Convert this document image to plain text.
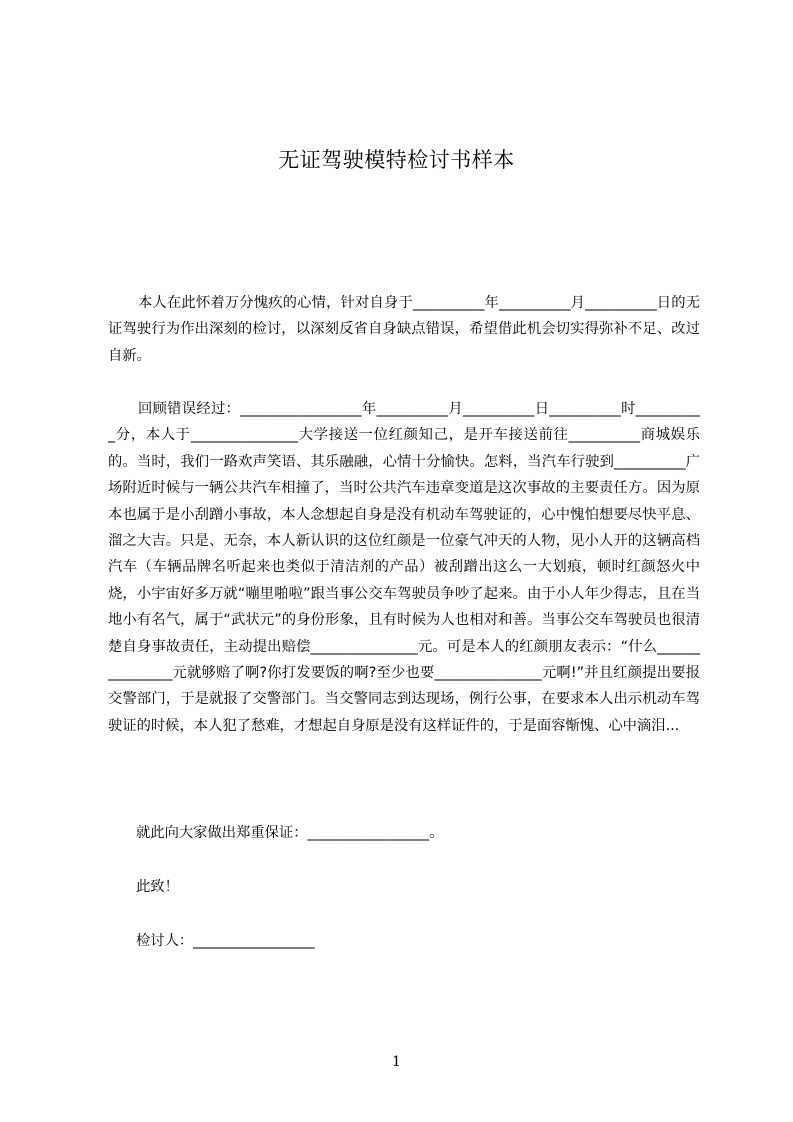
无证驾驶模特检讨书样本
本人在此怀着万分愧疚的心情，针对自身于__________年__________月__________日的无证驾驶行为作出深刻的检讨，以深刻反省自身缺点错误，希望借此机会切实得弥补不足、改过自新。
回顾错误经过：_________________年__________月__________日__________时__________分，本人于_______________大学接送一位红颜知己，是开车接送前往__________商城娱乐的。当时，我们一路欢声笑语、其乐融融，心情十分愉快。怎料，当汽车行驶到__________广场附近时候与一辆公共汽车相撞了，当时公共汽车违章变道是这次事故的主要责任方。因为原本也属于是小刮蹭小事故，本人念想起自身是没有机动车驾驶证的，心中愧怕想要尽快平息、溜之大吉。只是、无奈，本人新认识的这位红颜是一位豪气冲天的人物，见小人开的这辆高档汽车（车辆品牌名听起来也类似于清洁剂的产品）被刮蹭出这么一大划痕，顿时红颜怒火中烧，小宇宙好多万就“嘣里啪啦”跟当事公交车驾驶员争吵了起来。由于小人年少得志，且在当地小有名气，属于“武状元”的身份形象，且有时候为人也相对和善。当事公交车驾驶员也很清楚自身事故责任，主动提出赔偿_______________元。可是本人的红颜朋友表示：“什么_______________元就够赔了啊?你打发要饭的啊?至少也要_______________元啊!”并且红颜提出要报交警部门，于是就报了交警部门。当交警同志到达现场，例行公事，在要求本人出示机动车驾驶证的时候，本人犯了愁难，才想起自身原是没有这样证件的，于是面容惭愧、心中滴泪...
就此向大家做出郑重保证：_________________。
此致！
检讨人：_________________
1
